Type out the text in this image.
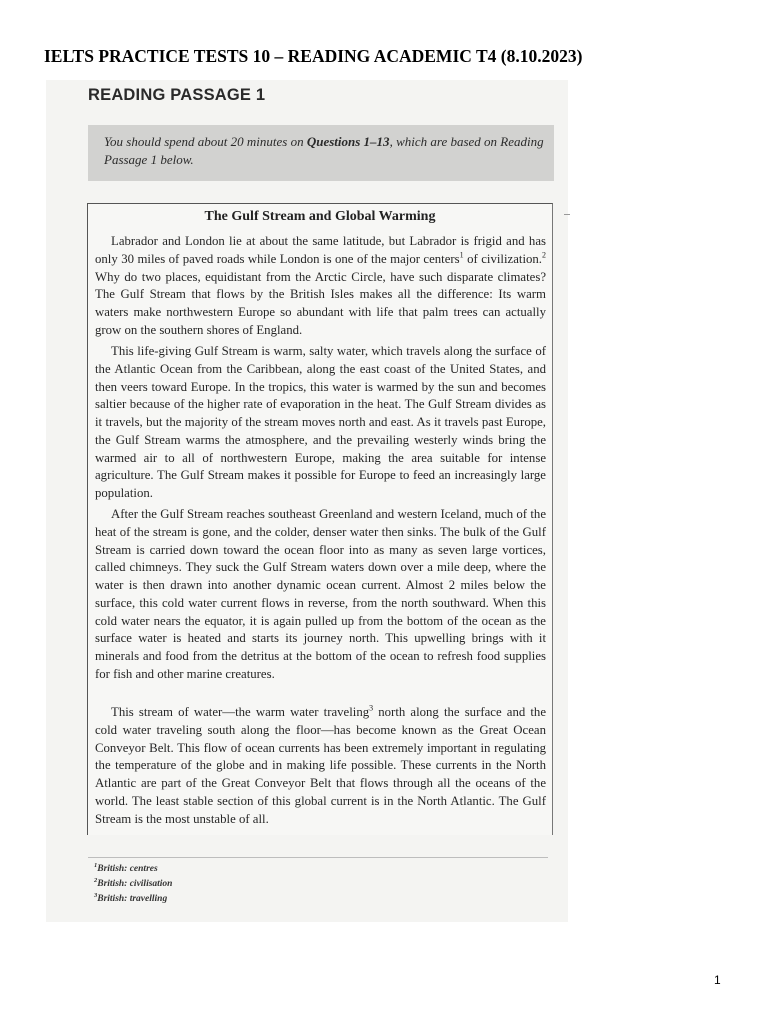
IELTS PRACTICE TESTS 10 – READING ACADEMIC T4 (8.10.2023)
READING PASSAGE 1
You should spend about 20 minutes on Questions 1–13, which are based on Reading Passage 1 below.
The Gulf Stream and Global Warming

Labrador and London lie at about the same latitude, but Labrador is frigid and has only 30 miles of paved roads while London is one of the major centers$^1$ of civilization.$^2$ Why do two places, equidistant from the Arctic Circle, have such disparate climates? The Gulf Stream that flows by the British Isles makes all the difference: Its warm waters make northwestern Europe so abundant with life that palm trees can actually grow on the southern shores of England.

This life-giving Gulf Stream is warm, salty water, which travels along the surface of the Atlantic Ocean from the Caribbean, along the east coast of the United States, and then veers toward Europe. In the tropics, this water is warmed by the sun and becomes saltier because of the higher rate of evaporation in the heat. The Gulf Stream divides as it travels, but the majority of the stream moves north and east. As it travels past Europe, the Gulf Stream warms the atmosphere, and the prevailing westerly winds bring the warmed air to all of northwestern Europe, making the area suitable for intense agriculture. The Gulf Stream makes it possible for Europe to feed an increasingly large population.

After the Gulf Stream reaches southeast Greenland and western Iceland, much of the heat of the stream is gone, and the colder, denser water then sinks. The bulk of the Gulf Stream is carried down toward the ocean floor into as many as seven large vortices, called chimneys. They suck the Gulf Stream waters down over a mile deep, where the water is then drawn into another dynamic ocean current. Almost 2 miles below the surface, this cold water current flows in reverse, from the north southward. When this cold water nears the equator, it is again pulled up from the bottom of the ocean as the surface water is heated and starts its journey north. This upwelling brings with it minerals and food from the detritus at the bottom of the ocean to refresh food supplies for fish and other marine creatures.

This stream of water—the warm water traveling$^3$ north along the surface and the cold water traveling south along the floor—has become known as the Great Ocean Conveyor Belt. This flow of ocean currents has been extremely important in regulating the temperature of the globe and in making life possible. These currents in the North Atlantic are part of the Great Conveyor Belt that flows through all the oceans of the world. The least stable section of this global current is in the North Atlantic. The Gulf Stream is the most unstable of all.

$^1$British: centres
$^2$British: civilisation
$^3$British: travelling
1
